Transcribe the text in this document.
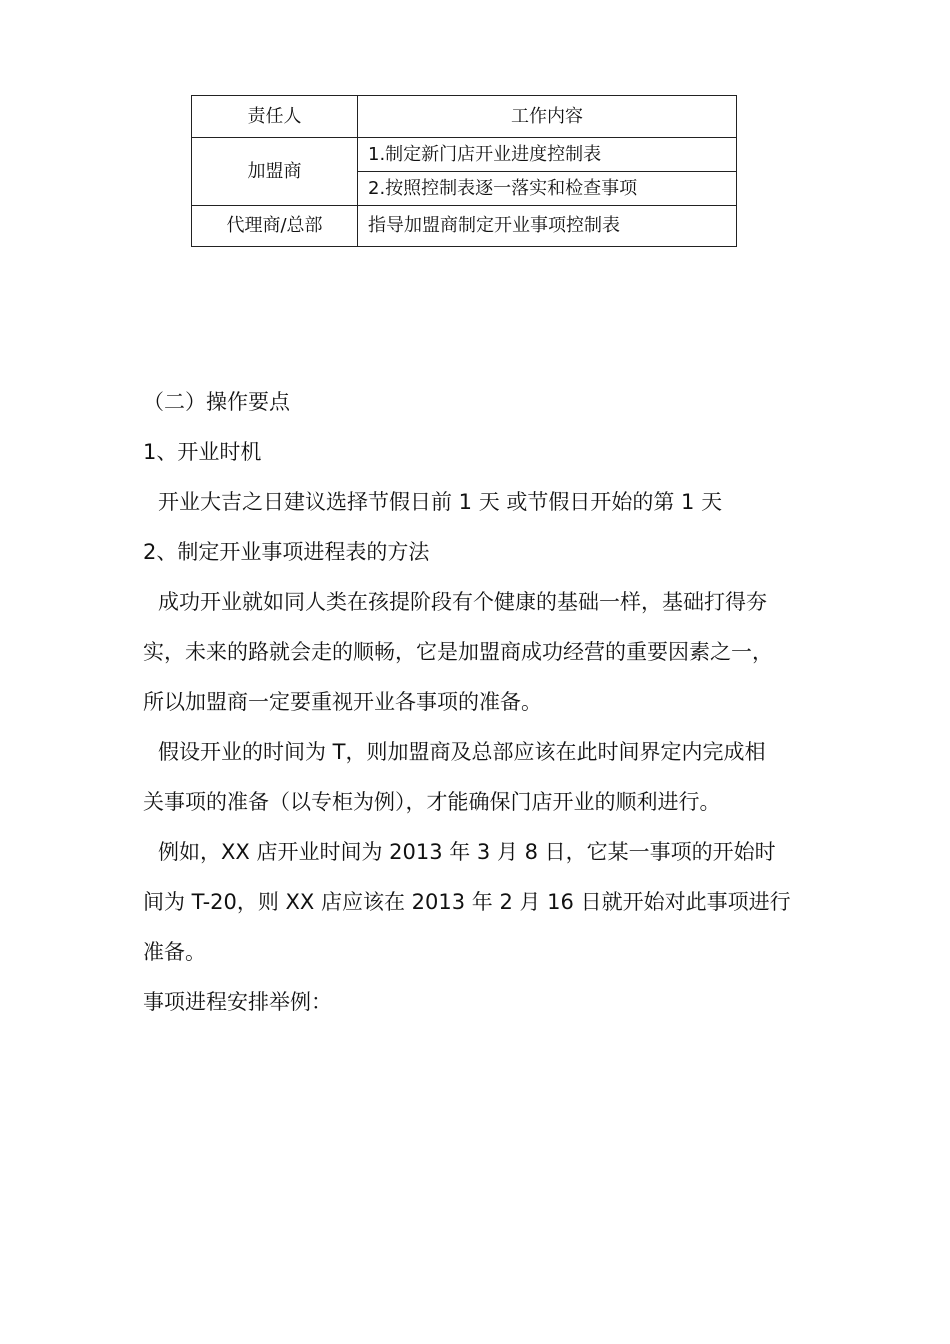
责任人	工作内容
加盟商	1.制定新门店开业进度控制表
	2.按照控制表逐一落实和检查事项
代理商/总部	指导加盟商制定开业事项控制表

（二）操作要点

1、开业时机

开业大吉之日建议选择节假日前 1 天 或节假日开始的第 1 天

2、制定开业事项进程表的方法

成功开业就如同人类在孩提阶段有个健康的基础一样，基础打得夯

实，未来的路就会走的顺畅，它是加盟商成功经营的重要因素之一，

所以加盟商一定要重视开业各事项的准备。

假设开业的时间为 T，则加盟商及总部应该在此时间界定内完成相

关事项的准备（以专柜为例），才能确保门店开业的顺利进行。

例如，XX 店开业时间为 2013 年 3 月 8 日，它某一事项的开始时

间为 T-20，则 XX 店应该在 2013 年 2 月 16 日就开始对此事项进行

准备。

事项进程安排举例：
